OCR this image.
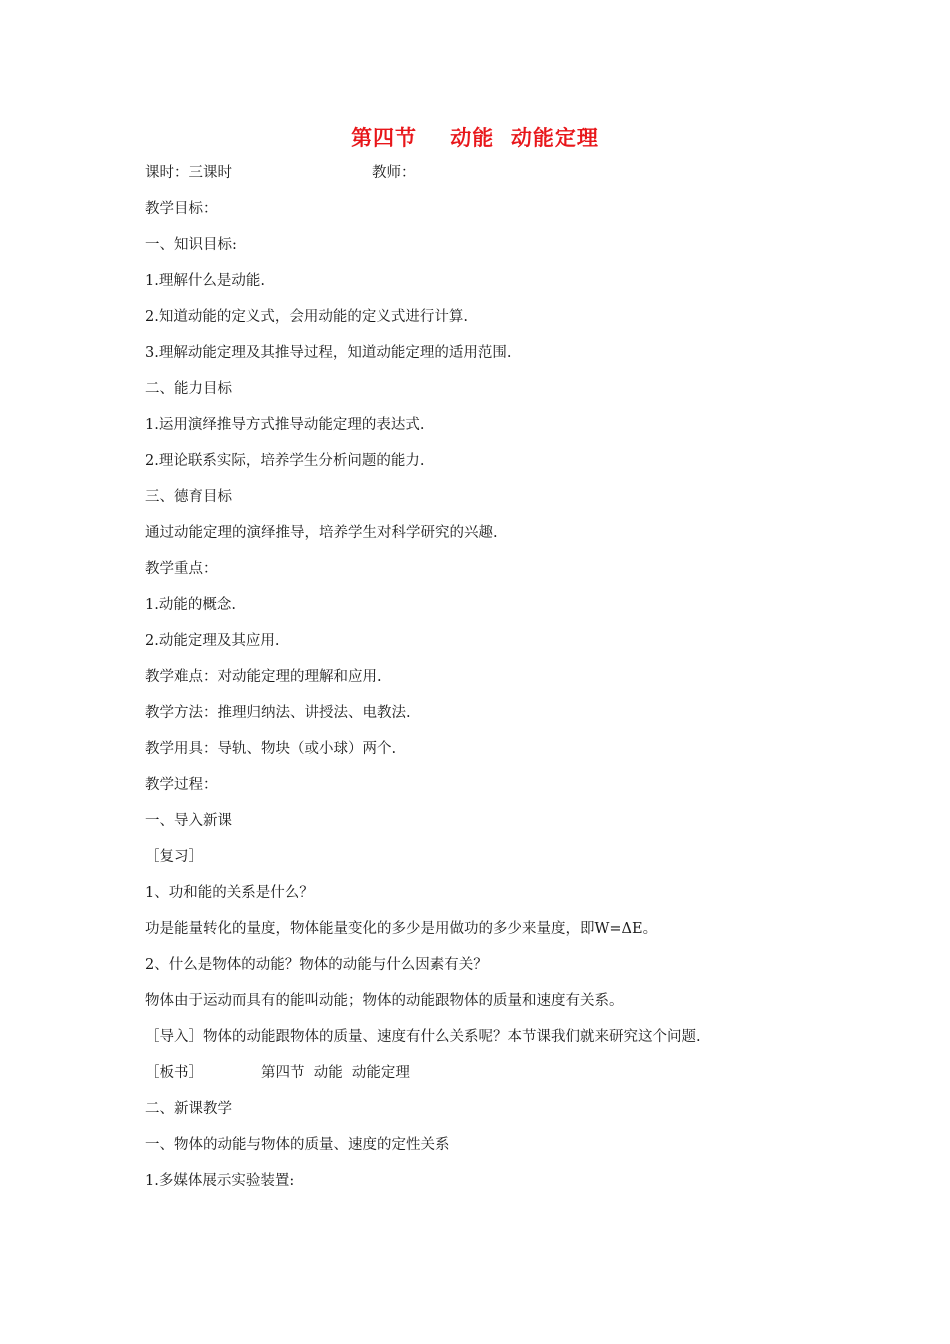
第四节    动能  动能定理
课时：三课时	教师：
教学目标：
一、知识目标:
1.理解什么是动能.
2.知道动能的定义式，会用动能的定义式进行计算.
3.理解动能定理及其推导过程，知道动能定理的适用范围.
二、能力目标
1.运用演绎推导方式推导动能定理的表达式.
2.理论联系实际，培养学生分析问题的能力.
三、德育目标
通过动能定理的演绎推导，培养学生对科学研究的兴趣.
教学重点：
1.动能的概念.
2.动能定理及其应用.
教学难点：对动能定理的理解和应用.
教学方法：推理归纳法、讲授法、电教法.
教学用具：导轨、物块（或小球）两个.
教学过程：
一、导入新课
［复习］
1、功和能的关系是什么？
功是能量转化的量度，物体能量变化的多少是用做功的多少来量度，即W=ΔE。
2、什么是物体的动能？物体的动能与什么因素有关？
物体由于运动而具有的能叫动能；物体的动能跟物体的质量和速度有关系。
［导入］物体的动能跟物体的质量、速度有什么关系呢？本节课我们就来研究这个问题.
［板书］	第四节  动能  动能定理
二、新课教学
一、物体的动能与物体的质量、速度的定性关系
1.多媒体展示实验装置:
